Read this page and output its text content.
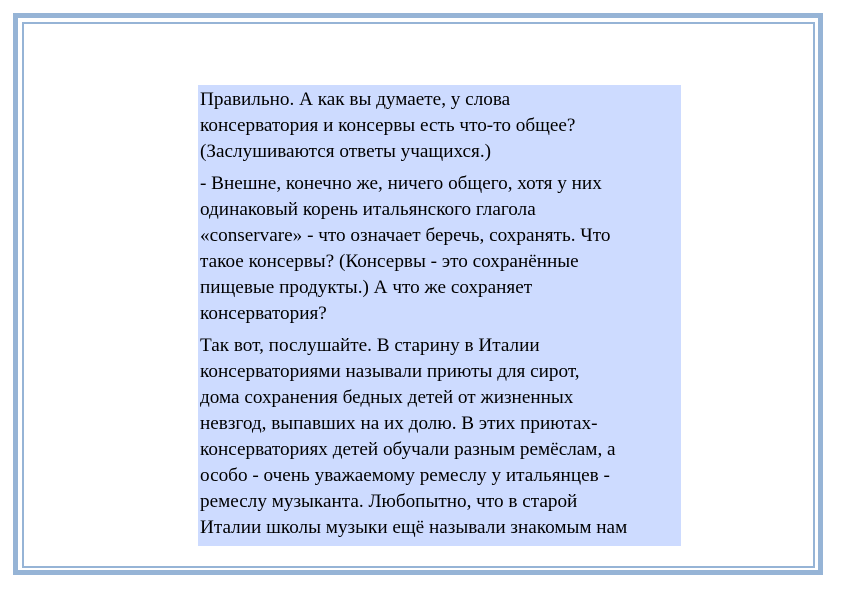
Правильно. А как вы думаете, у слова
консерватория и консервы есть что-то общее?
(Заслушиваются ответы учащихся.)

- Внешне, конечно же, ничего общего, хотя у них
одинаковый корень итальянского глагола
«conservare» - что означает беречь, сохранять. Что
такое консервы? (Консервы - это сохранённые
пищевые продукты.) А что же сохраняет
консерватория?

Так вот, послушайте. В старину в Италии
консерваториями называли приюты для сирот,
дома сохранения бедных детей от жизненных
невзгод, выпавших на их долю. В этих приютах-
консерваториях детей обучали разным ремёслам, а
особо - очень уважаемому ремеслу у итальянцев -
ремеслу музыканта. Любопытно, что в старой
Италии школы музыки ещё называли знакомым нам
